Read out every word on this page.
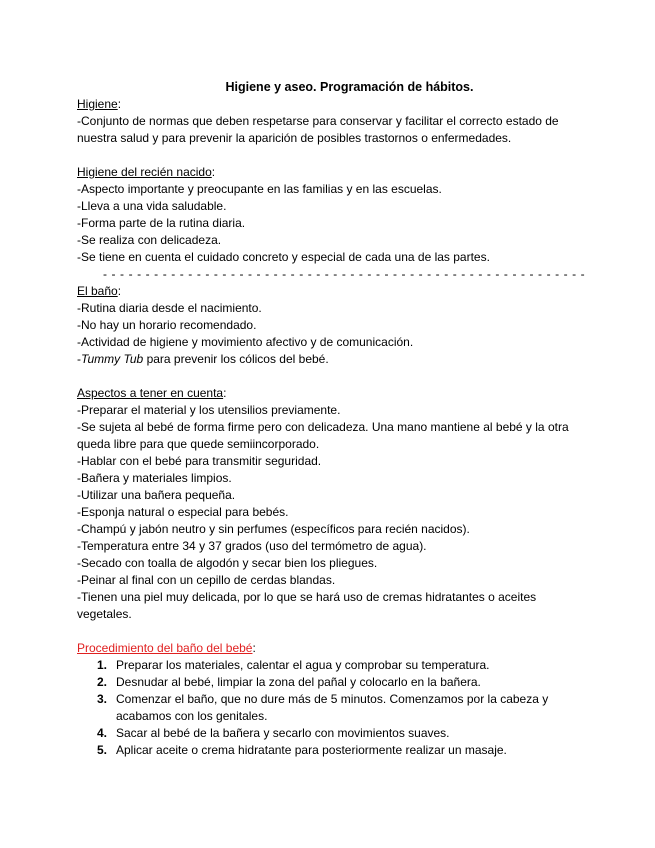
Higiene y aseo. Programación de hábitos.
Higiene:
-Conjunto de normas que deben respetarse para conservar y facilitar el correcto estado de nuestra salud y para prevenir la aparición de posibles trastornos o enfermedades.
Higiene del recién nacido:
-Aspecto importante y preocupante en las familias y en las escuelas.
-Lleva a una vida saludable.
-Forma parte de la rutina diaria.
-Se realiza con delicadeza.
-Se tiene en cuenta el cuidado concreto y especial de cada una de las partes.
- - - - - - - - - - - - - - - - - - - - - - - - - - - - - - - - - - - - - - - - - - - - - - - - - - - - - - - - -
El baño:
-Rutina diaria desde el nacimiento.
-No hay un horario recomendado.
-Actividad de higiene y movimiento afectivo y de comunicación.
-Tummy Tub para prevenir los cólicos del bebé.
Aspectos a tener en cuenta:
-Preparar el material y los utensilios previamente.
-Se sujeta al bebé de forma firme pero con delicadeza. Una mano mantiene al bebé y la otra queda libre para que quede semiincorporado.
-Hablar con el bebé para transmitir seguridad.
-Bañera y materiales limpios.
-Utilizar una bañera pequeña.
-Esponja natural o especial para bebés.
-Champú y jabón neutro y sin perfumes (específicos para recién nacidos).
-Temperatura entre 34 y 37 grados (uso del termómetro de agua).
-Secado con toalla de algodón y secar bien los pliegues.
-Peinar al final con un cepillo de cerdas blandas.
-Tienen una piel muy delicada, por lo que se hará uso de cremas hidratantes o aceites vegetales.
Procedimiento del baño del bebé:
1. Preparar los materiales, calentar el agua y comprobar su temperatura.
2. Desnudar al bebé, limpiar la zona del pañal y colocarlo en la bañera.
3. Comenzar el baño, que no dure más de 5 minutos. Comenzamos por la cabeza y acabamos con los genitales.
4. Sacar al bebé de la bañera y secarlo con movimientos suaves.
5. Aplicar aceite o crema hidratante para posteriormente realizar un masaje.
